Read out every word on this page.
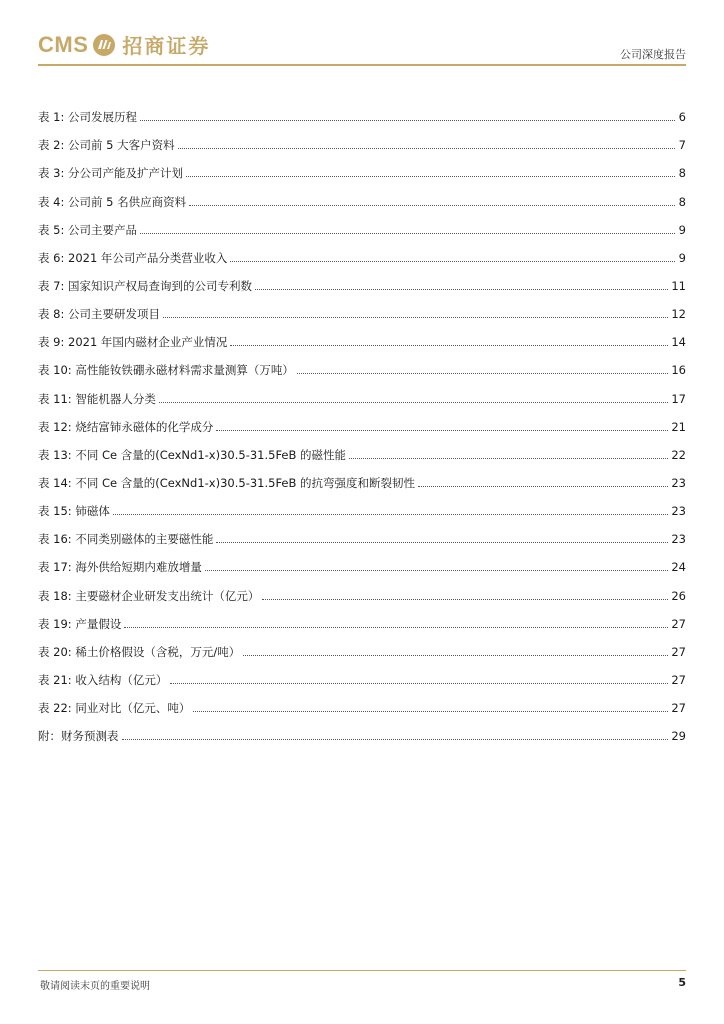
CMS 招商证券	公司深度报告
表 1: 公司发展历程	6
表 2: 公司前 5 大客户资料	7
表 3: 分公司产能及扩产计划	8
表 4: 公司前 5 名供应商资料	8
表 5: 公司主要产品	9
表 6: 2021 年公司产品分类营业收入	9
表 7: 国家知识产权局查询到的公司专利数	11
表 8: 公司主要研发项目	12
表 9: 2021 年国内磁材企业产业情况	14
表 10: 高性能钕铁硼永磁材料需求量测算（万吨）	16
表 11: 智能机器人分类	17
表 12: 烧结富铈永磁体的化学成分	21
表 13: 不同 Ce 含量的(CexNd1-x)30.5-31.5FeB 的磁性能	22
表 14: 不同 Ce 含量的(CexNd1-x)30.5-31.5FeB 的抗弯强度和断裂韧性	23
表 15: 铈磁体	23
表 16: 不同类别磁体的主要磁性能	23
表 17: 海外供给短期内难放增量	24
表 18: 主要磁材企业研发支出统计（亿元）	26
表 19: 产量假设	27
表 20: 稀土价格假设（含税，万元/吨）	27
表 21: 收入结构（亿元）	27
表 22: 同业对比（亿元、吨）	27
附：财务预测表	29
敬请阅读末页的重要说明	5
